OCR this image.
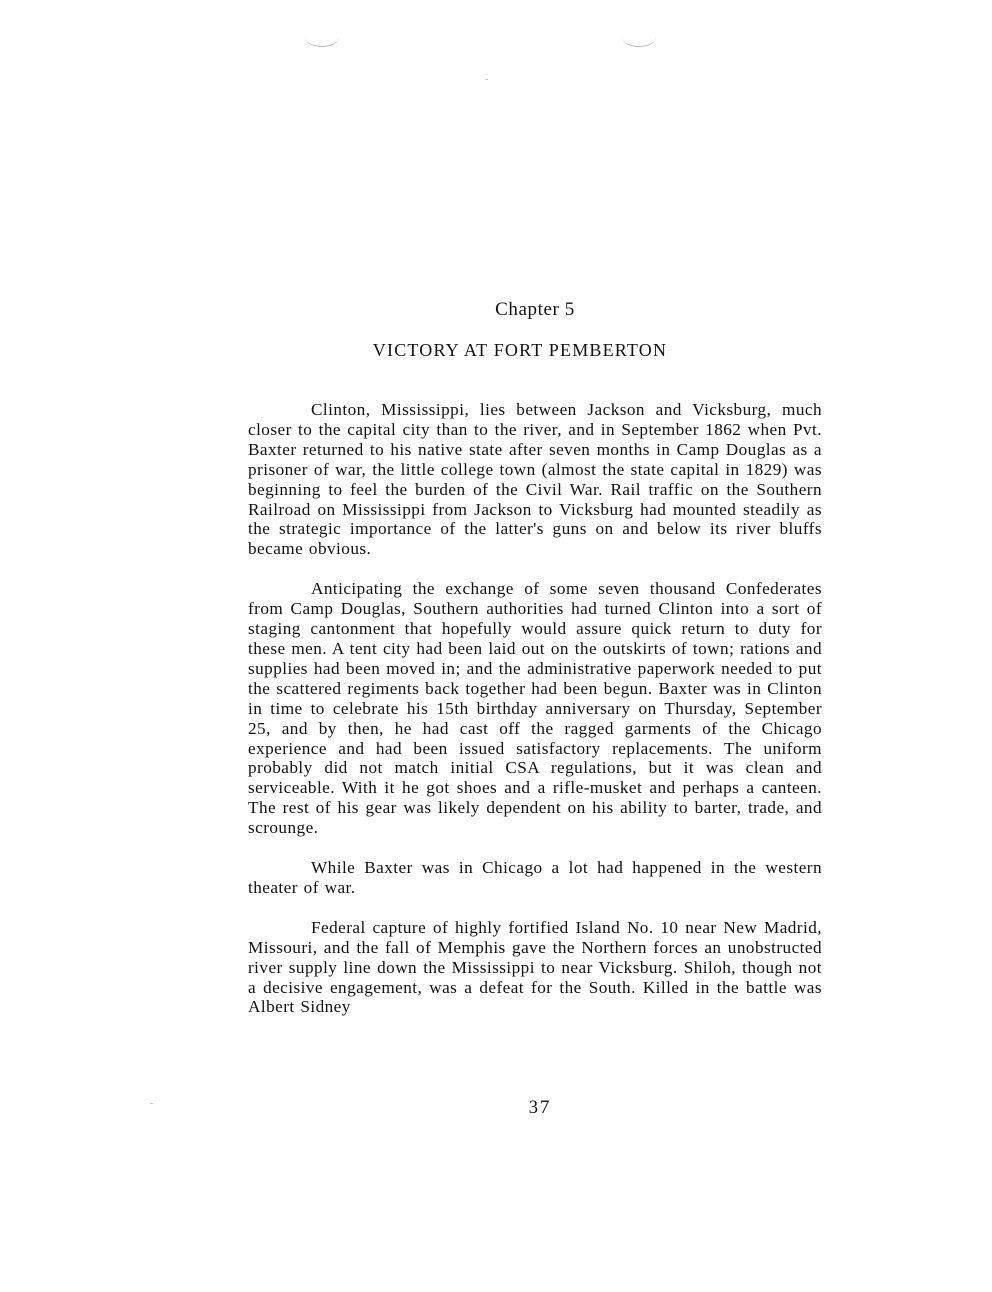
Chapter 5
VICTORY AT FORT PEMBERTON

Clinton, Mississippi, lies between Jackson and Vicksburg, much closer to the capital city than to the river, and in September 1862 when Pvt. Baxter returned to his native state after seven months in Camp Douglas as a prisoner of war, the little college town (almost the state capital in 1829) was beginning to feel the burden of the Civil War. Rail traffic on the Southern Railroad on Mississippi from Jackson to Vicksburg had mounted steadily as the strategic importance of the latter's guns on and below its river bluffs became obvious.

Anticipating the exchange of some seven thousand Confederates from Camp Douglas, Southern authorities had turned Clinton into a sort of staging cantonment that hopefully would assure quick return to duty for these men. A tent city had been laid out on the outskirts of town; rations and supplies had been moved in; and the administrative paperwork needed to put the scattered regiments back together had been begun. Baxter was in Clinton in time to celebrate his 15th birthday anniversary on Thursday, September 25, and by then, he had cast off the ragged garments of the Chicago experience and had been issued satisfactory replacements. The uniform probably did not match initial CSA regulations, but it was clean and serviceable. With it he got shoes and a rifle-musket and perhaps a canteen. The rest of his gear was likely dependent on his ability to barter, trade, and scrounge.

While Baxter was in Chicago a lot had happened in the western theater of war.

Federal capture of highly fortified Island No. 10 near New Madrid, Missouri, and the fall of Memphis gave the Northern forces an unobstructed river supply line down the Mississippi to near Vicksburg. Shiloh, though not a decisive engagement, was a defeat for the South. Killed in the battle was Albert Sidney

37
